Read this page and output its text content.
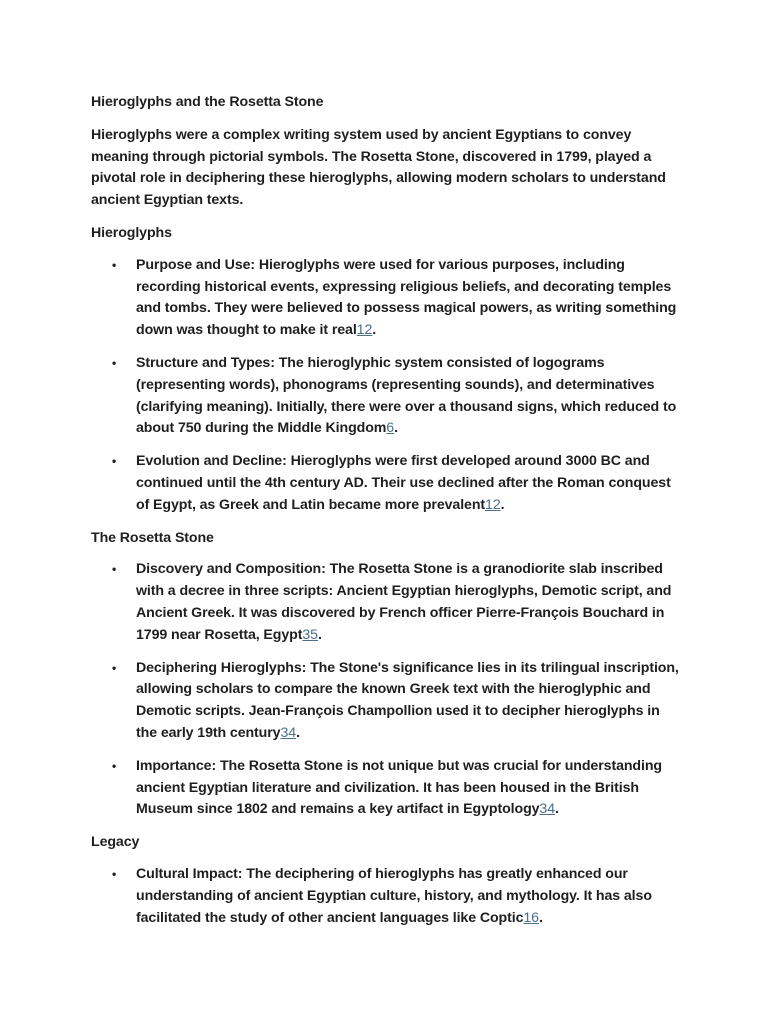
Hieroglyphs and the Rosetta Stone

Hieroglyphs were a complex writing system used by ancient Egyptians to convey meaning through pictorial symbols. The Rosetta Stone, discovered in 1799, played a pivotal role in deciphering these hieroglyphs, allowing modern scholars to understand ancient Egyptian texts.

Hieroglyphs

• Purpose and Use: Hieroglyphs were used for various purposes, including recording historical events, expressing religious beliefs, and decorating temples and tombs. They were believed to possess magical powers, as writing something down was thought to make it real12.
• Structure and Types: The hieroglyphic system consisted of logograms (representing words), phonograms (representing sounds), and determinatives (clarifying meaning). Initially, there were over a thousand signs, which reduced to about 750 during the Middle Kingdom6.
• Evolution and Decline: Hieroglyphs were first developed around 3000 BC and continued until the 4th century AD. Their use declined after the Roman conquest of Egypt, as Greek and Latin became more prevalent12.

The Rosetta Stone

• Discovery and Composition: The Rosetta Stone is a granodiorite slab inscribed with a decree in three scripts: Ancient Egyptian hieroglyphs, Demotic script, and Ancient Greek. It was discovered by French officer Pierre-François Bouchard in 1799 near Rosetta, Egypt35.
• Deciphering Hieroglyphs: The Stone's significance lies in its trilingual inscription, allowing scholars to compare the known Greek text with the hieroglyphic and Demotic scripts. Jean-François Champollion used it to decipher hieroglyphs in the early 19th century34.
• Importance: The Rosetta Stone is not unique but was crucial for understanding ancient Egyptian literature and civilization. It has been housed in the British Museum since 1802 and remains a key artifact in Egyptology34.

Legacy

• Cultural Impact: The deciphering of hieroglyphs has greatly enhanced our understanding of ancient Egyptian culture, history, and mythology. It has also facilitated the study of other ancient languages like Coptic16.
